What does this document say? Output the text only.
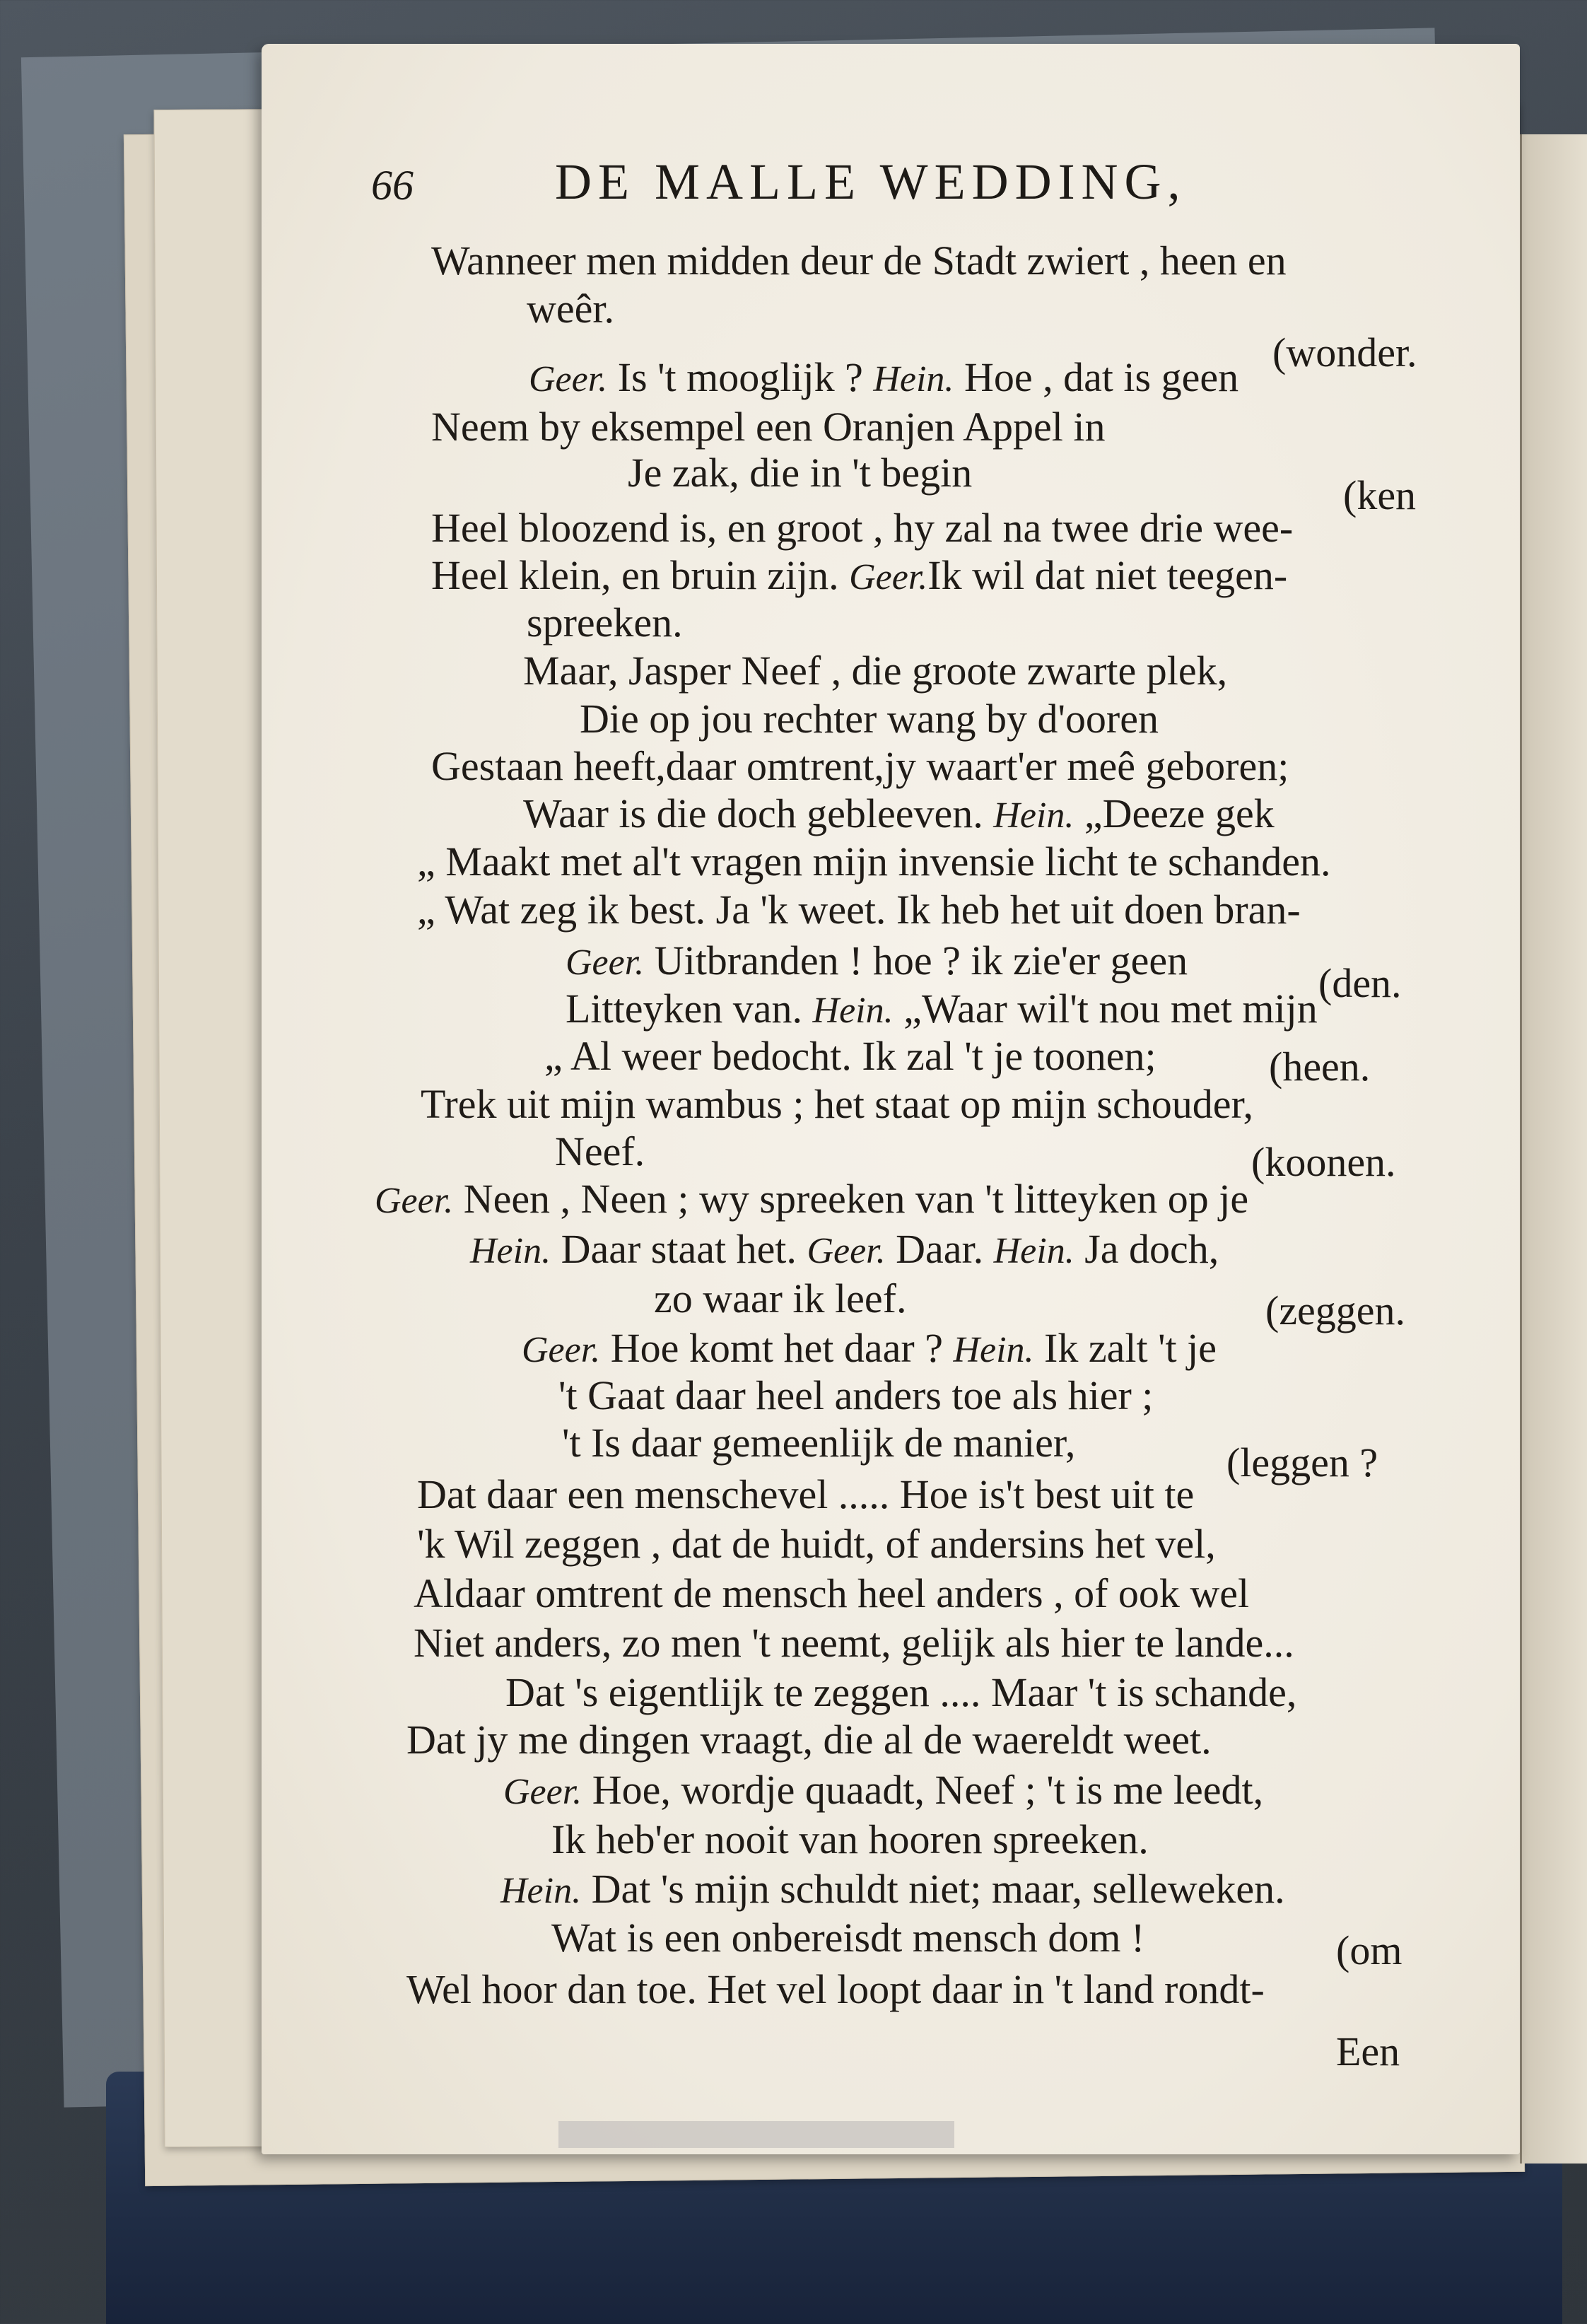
66	DE MALLE WEDDING,
Wanneer men midden deur de Stadt zwiert , heen en
weêr.
(wonder.
Geer. Is 't mooglijk ? Hein. Hoe , dat is geen
Neem by eksempel een Oranjen Appel in
Je zak, die in 't begin	(ken
Heel bloozend is, en groot , hy zal na twee drie wee-
Heel klein, en bruin zijn. Geer.Ik wil dat niet teegen-
spreeken.
Maar, Jasper Neef , die groote zwarte plek,
Die op jou rechter wang by d'ooren
Gestaan heeft,daar omtrent,jy waart'er meê geboren;
Waar is die doch gebleeven. Hein. „Deeze gek
„ Maakt met al't vragen mijn invensie licht te schanden.
„ Wat zeg ik best. Ja 'k weet. Ik heb het uit doen bran-
Geer. Uitbranden ! hoe ? ik zie'er geen	(den.
Litteyken van. Hein. „Waar wil't nou met mijn
„ Al weer bedocht. Ik zal 't je toonen;	(heen.
Trek uit mijn wambus ; het staat op mijn schouder,
Neef.	(koonen.
Geer. Neen , Neen ; wy spreeken van 't litteyken op je
Hein. Daar staat het. Geer. Daar. Hein. Ja doch,
zo waar ik leef.	(zeggen.
Geer. Hoe komt het daar ? Hein. Ik zalt 't je
't Gaat daar heel anders toe als hier ;
't Is daar gemeenlijk de manier,	(leggen ?
Dat daar een menschevel ..... Hoe is't best uit te
'k Wil zeggen , dat de huidt, of andersins het vel,
Aldaar omtrent de mensch heel anders , of ook wel
Niet anders, zo men 't neemt, gelijk als hier te lande...
Dat 's eigentlijk te zeggen .... Maar 't is schande,
Dat jy me dingen vraagt, die al de waereldt weet.
Geer. Hoe, wordje quaadt, Neef ; 't is me leedt,
Ik heb'er nooit van hooren spreeken.
Hein. Dat 's mijn schuldt niet; maar, selleweken.
Wat is een onbereisdt mensch dom !	(om
Wel hoor dan toe. Het vel loopt daar in 't land rondt-
Een
